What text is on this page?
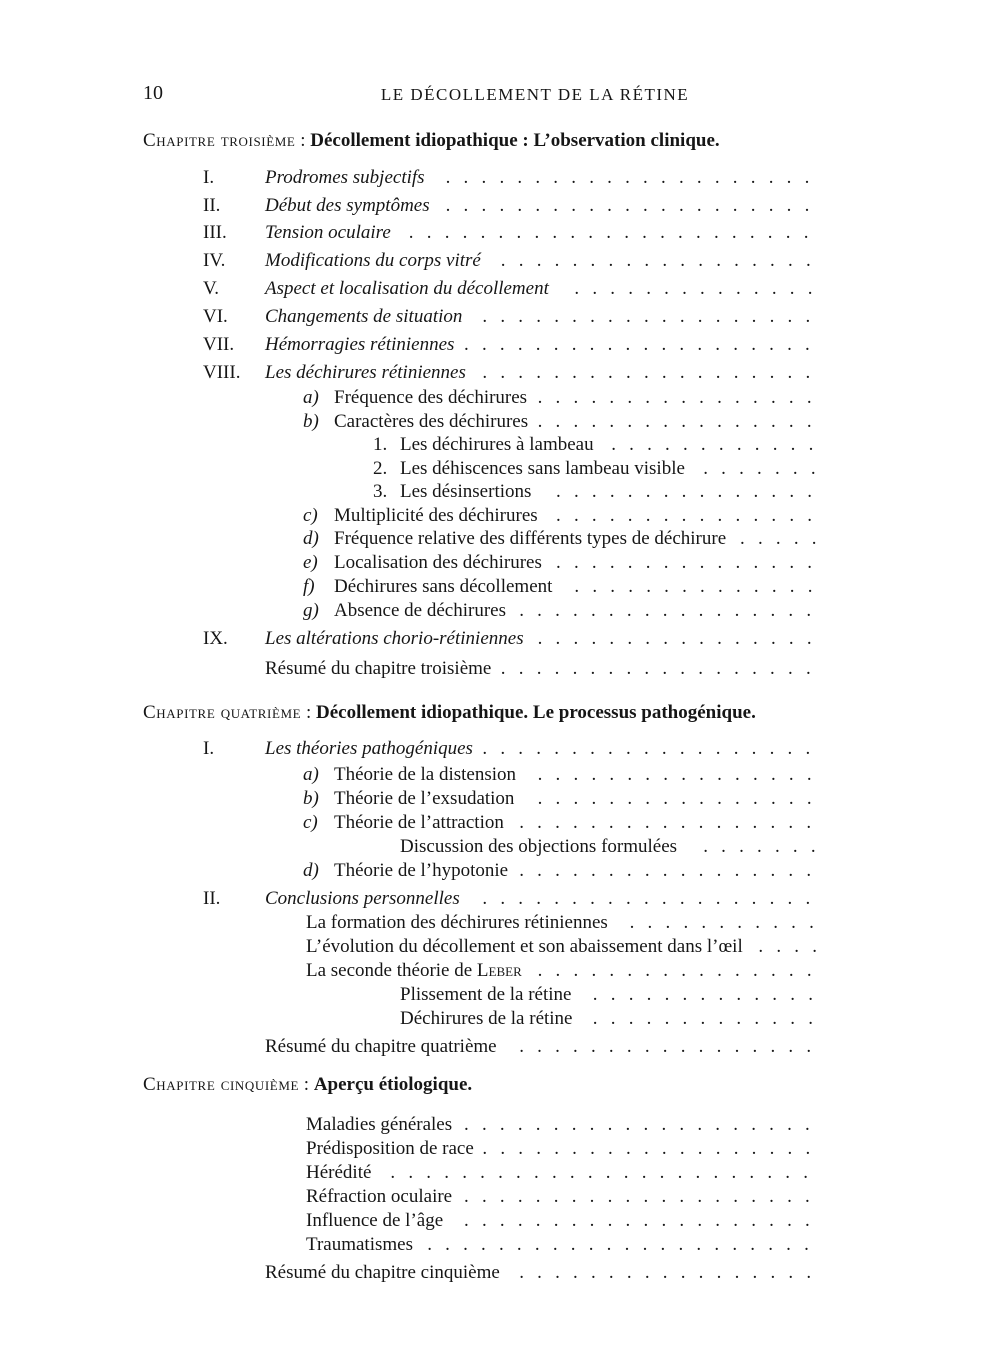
10	LE DÉCOLLEMENT DE LA RÉTINE
Chapitre troisième : Décollement idiopathique : L’observation clinique.
I.	Prodromes subjectifs .....................
II. Début des symptômes .....................
III. Tension oculaire .......................
IV. Modifications du corps vitré ..................
V. Aspect et localisation du décollement ..............
VI. Changements de situation ...................
VII. Hémorragies rétiniennes ....................
VIII. Les déchirures rétiniennes ...................
a) Fréquence des déchirures ................
b) Caractères des déchirures ................
1. Les déchirures à lambeau ............
2. Les déhiscences sans lambeau visible .......
3. Les désinsertions ...............
c) Multiplicité des déchirures ...............
d) Fréquence relative des différents types de déchirure .....
e) Localisation des déchirures ...............
f) Déchirures sans décollement ..............
g) Absence de déchirures .................
IX. Les altérations chorio-rétiniennes ................
Résumé du chapitre troisième ..................
Chapitre quatrième : Décollement idiopathique. Le processus pathogénique.
I.	Les théories pathogéniques ...................
a) Théorie de la distension ................
b) Théorie de l’exsudation ................
c) Théorie de l’attraction .................
Discussion des objections formulées .......
d) Théorie de l’hypotonie .................
II. Conclusions personnelles ...................
La formation des déchirures rétiniennes ...........
L’évolution du décollement et son abaissement dans l’œil ....
La seconde théorie de Leber ................
Plissement de la rétine .............
Déchirures de la rétine .............
Résumé du chapitre quatrième .................
Chapitre cinquième : Aperçu étiologique.
Maladies générales ....................
Prédisposition de race ...................
Hérédité ........................
Réfraction oculaire ....................
Influence de l’âge ....................
Traumatismes ......................
Résumé du chapitre cinquième .................
